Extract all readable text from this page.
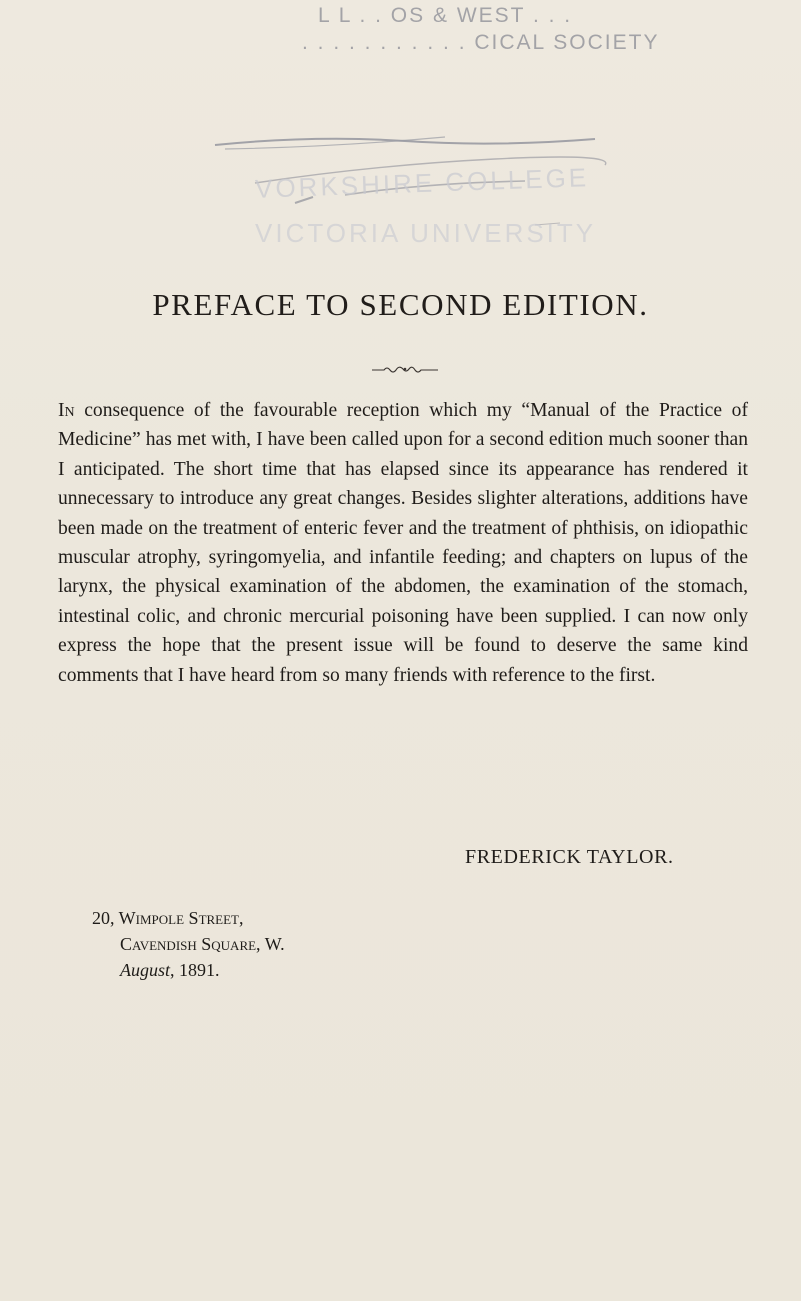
L L . . OS & WEST . . .
. . . . . . . . . . . CICAL SOCIETY
VORKSHIRE COLLEGE
VICTORIA UNIVERSITY
PREFACE TO SECOND EDITION.

In consequence of the favourable reception which my “Manual of the Practice of Medicine” has met with, I have been called upon for a second edition much sooner than I anticipated. The short time that has elapsed since its appearance has rendered it unnecessary to introduce any great changes. Besides slighter alterations, additions have been made on the treatment of enteric fever and the treatment of phthisis, on idiopathic muscular atrophy, syringomyelia, and infantile feeding; and chapters on lupus of the larynx, the physical examination of the abdomen, the examination of the stomach, intestinal colic, and chronic mercurial poisoning have been supplied. I can now only express the hope that the present issue will be found to deserve the same kind comments that I have heard from so many friends with reference to the first.

FREDERICK TAYLOR.
20, Wimpole Street,
Cavendish Square, W.
August, 1891.
